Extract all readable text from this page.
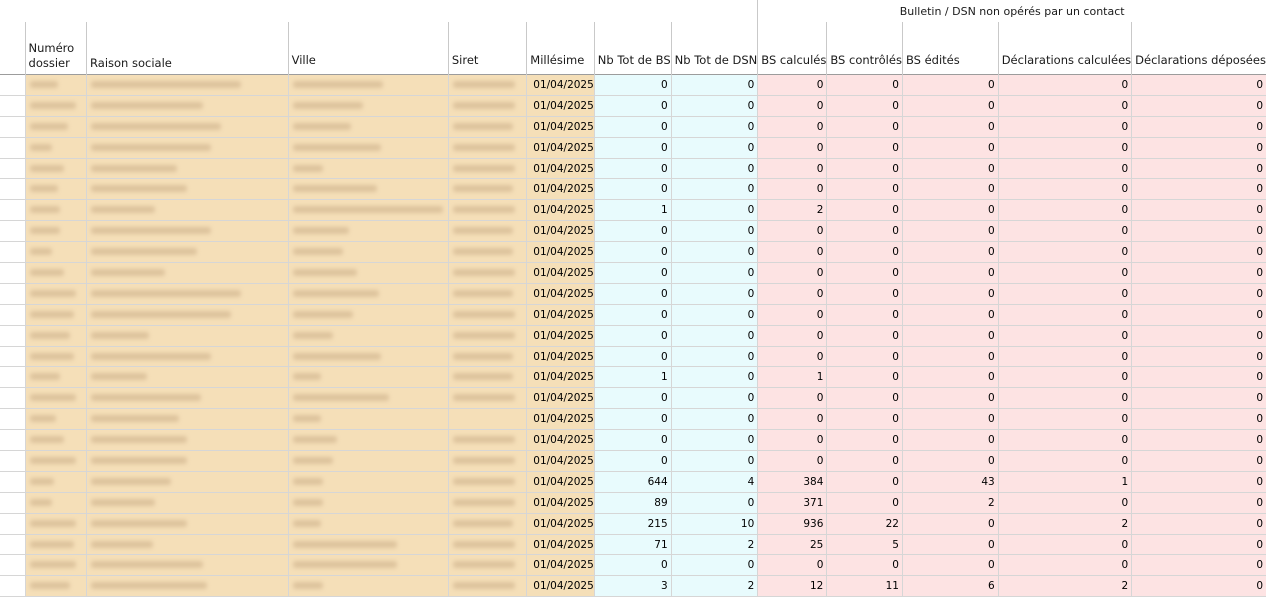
								Bulletin / DSN non opérés par un contact				
	Numéro dossier	Raison sociale	Ville	Siret	Millésime	Nb Tot de BS	Nb Tot de DSN	BS calculés	BS contrôlés	BS édités	Déclarations calculées	Déclarations déposées
					01/04/2025	0	0	0	0	0	0	0
					01/04/2025	0	0	0	0	0	0	0
					01/04/2025	0	0	0	0	0	0	0
					01/04/2025	0	0	0	0	0	0	0
					01/04/2025	0	0	0	0	0	0	0
					01/04/2025	0	0	0	0	0	0	0
					01/04/2025	1	0	2	0	0	0	0
					01/04/2025	0	0	0	0	0	0	0
					01/04/2025	0	0	0	0	0	0	0
					01/04/2025	0	0	0	0	0	0	0
					01/04/2025	0	0	0	0	0	0	0
					01/04/2025	0	0	0	0	0	0	0
					01/04/2025	0	0	0	0	0	0	0
					01/04/2025	0	0	0	0	0	0	0
					01/04/2025	1	0	1	0	0	0	0
					01/04/2025	0	0	0	0	0	0	0
					01/04/2025	0	0	0	0	0	0	0
					01/04/2025	0	0	0	0	0	0	0
					01/04/2025	0	0	0	0	0	0	0
					01/04/2025	644	4	384	0	43	1	0
					01/04/2025	89	0	371	0	2	0	0
					01/04/2025	215	10	936	22	0	2	0
					01/04/2025	71	2	25	5	0	0	0
					01/04/2025	0	0	0	0	0	0	0
					01/04/2025	3	2	12	11	6	2	0
